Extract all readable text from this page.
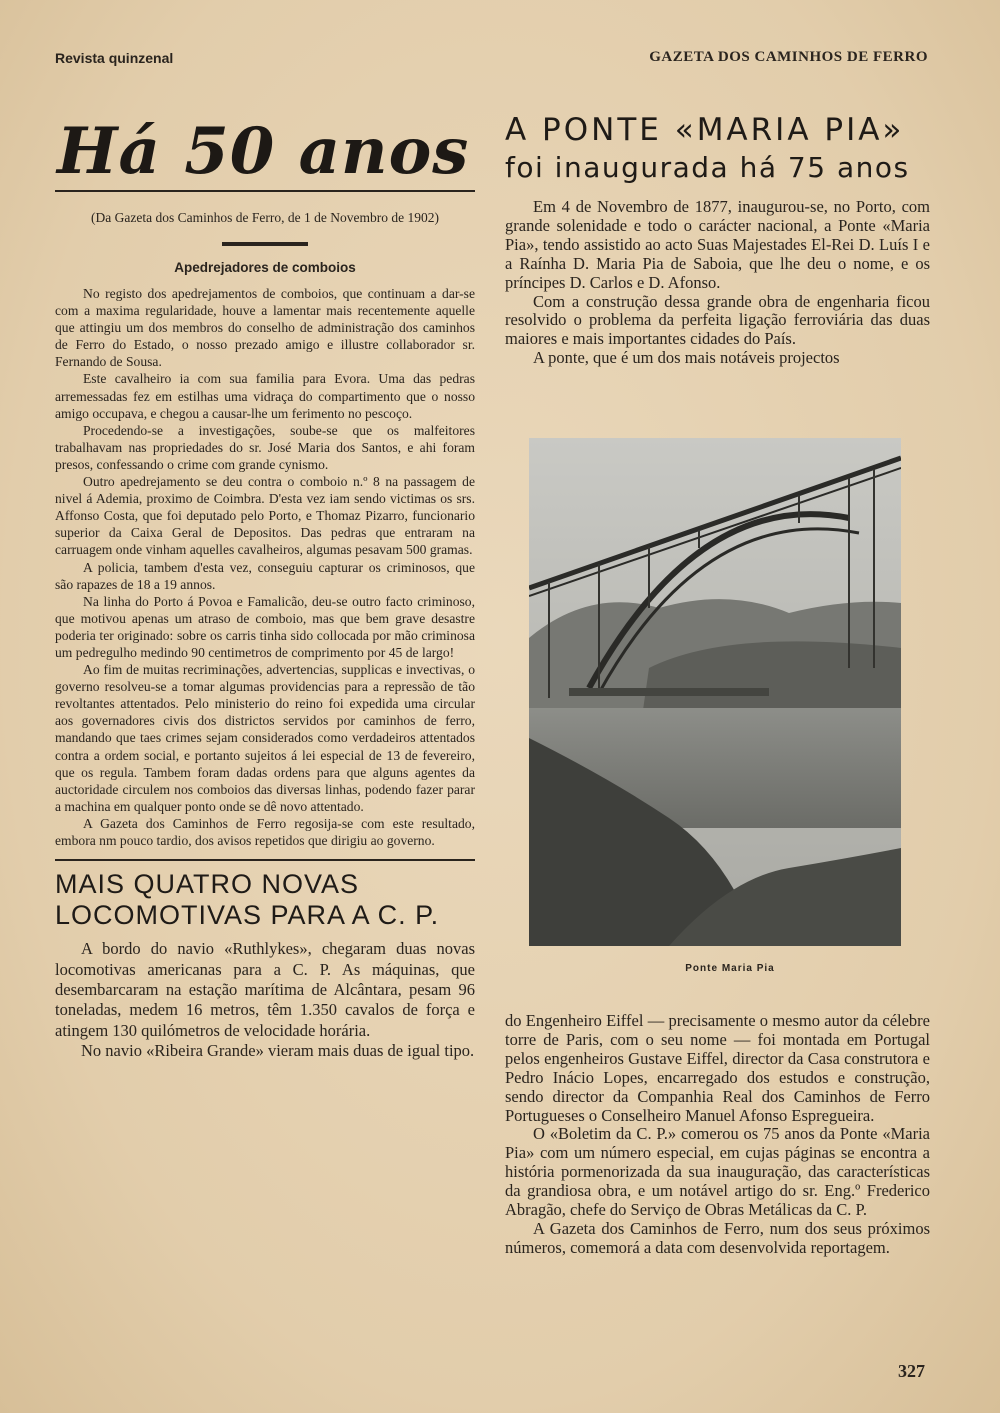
Revista quinzenal	GAZETA DOS CAMINHOS DE FERRO
Há 50 anos
(Da Gazeta dos Caminhos de Ferro, de 1 de Novembro de 1902)
Apedrejadores de comboios

No registo dos apedrejamentos de comboios, que continuam a dar-se com a maxima regularidade, houve a lamentar mais recentemente aquelle que attingiu um dos membros do conselho de administração dos caminhos de Ferro do Estado, o nosso prezado amigo e illustre collaborador sr. Fernando de Sousa.

Este cavalheiro ia com sua familia para Evora. Uma das pedras arremessadas fez em estilhas uma vidraça do compartimento que o nosso amigo occupava, e chegou a causar-lhe um ferimento no pescoço.

Procedendo-se a investigações, soube-se que os malfeitores trabalhavam nas propriedades do sr. José Maria dos Santos, e ahi foram presos, confessando o crime com grande cynismo.

Outro apedrejamento se deu contra o comboio n.º 8 na passagem de nivel á Ademia, proximo de Coimbra. D'esta vez iam sendo victimas os srs. Affonso Costa, que foi deputado pelo Porto, e Thomaz Pizarro, funcionario superior da Caixa Geral de Depositos. Das pedras que entraram na carruagem onde vinham aquelles cavalheiros, algumas pesavam 500 gramas.

A policia, tambem d'esta vez, conseguiu capturar os criminosos, que são rapazes de 18 a 19 annos.

Na linha do Porto á Povoa e Famalicão, deu-se outro facto criminoso, que motivou apenas um atraso de comboio, mas que bem grave desastre poderia ter originado: sobre os carris tinha sido collocada por mão criminosa um pedregulho medindo 90 centimetros de comprimento por 45 de largo!

Ao fim de muitas recriminações, advertencias, supplicas e invectivas, o governo resolveu-se a tomar algumas providencias para a repressão de tão revoltantes attentados. Pelo ministerio do reino foi expedida uma circular aos governadores civis dos districtos servidos por caminhos de ferro, mandando que taes crimes sejam considerados como verdadeiros attentados contra a ordem social, e portanto sujeitos á lei especial de 13 de fevereiro, que os regula. Tambem foram dadas ordens para que alguns agentes da auctoridade circulem nos comboios das diversas linhas, podendo fazer parar a machina em qualquer ponto onde se dê novo attentado.

A Gazeta dos Caminhos de Ferro regosija-se com este resultado, embora nm pouco tardio, dos avisos repetidos que dirigiu ao governo.

MAIS QUATRO NOVAS LOCOMOTIVAS PARA A C. P.

A bordo do navio «Ruthlykes», chegaram duas novas locomotivas americanas para a C. P. As máquinas, que desembarcaram na estação marítima de Alcântara, pesam 96 toneladas, medem 16 metros, têm 1.350 cavalos de força e atingem 130 quilómetros de velocidade horária.

No navio «Ribeira Grande» vieram mais duas de igual tipo.

A PONTE «MARIA PIA»
foi inaugurada há 75 anos

Em 4 de Novembro de 1877, inaugurou-se, no Porto, com grande solenidade e todo o carácter nacional, a Ponte «Maria Pia», tendo assistido ao acto Suas Majestades El-Rei D. Luís I e a Raínha D. Maria Pia de Saboia, que lhe deu o nome, e os príncipes D. Carlos e D. Afonso.

Com a construção dessa grande obra de engenharia ficou resolvido o problema da perfeita ligação ferroviária das duas maiores e mais importantes cidades do País.

A ponte, que é um dos mais notáveis projectos

Ponte Maria Pia

do Engenheiro Eiffel — precisamente o mesmo autor da célebre torre de Paris, com o seu nome — foi montada em Portugal pelos engenheiros Gustave Eiffel, director da Casa construtora e Pedro Inácio Lopes, encarregado dos estudos e construção, sendo director da Companhia Real dos Caminhos de Ferro Portugueses o Conselheiro Manuel Afonso Espregueira.

O «Boletim da C. P.» comerou os 75 anos da Ponte «Maria Pia» com um número especial, em cujas páginas se encontra a história pormenorizada da sua inauguração, das características da grandiosa obra, e um notável artigo do sr. Eng.º Frederico Abragão, chefe do Serviço de Obras Metálicas da C. P.

A Gazeta dos Caminhos de Ferro, num dos seus próximos números, comemorá a data com desenvolvida reportagem.

327
